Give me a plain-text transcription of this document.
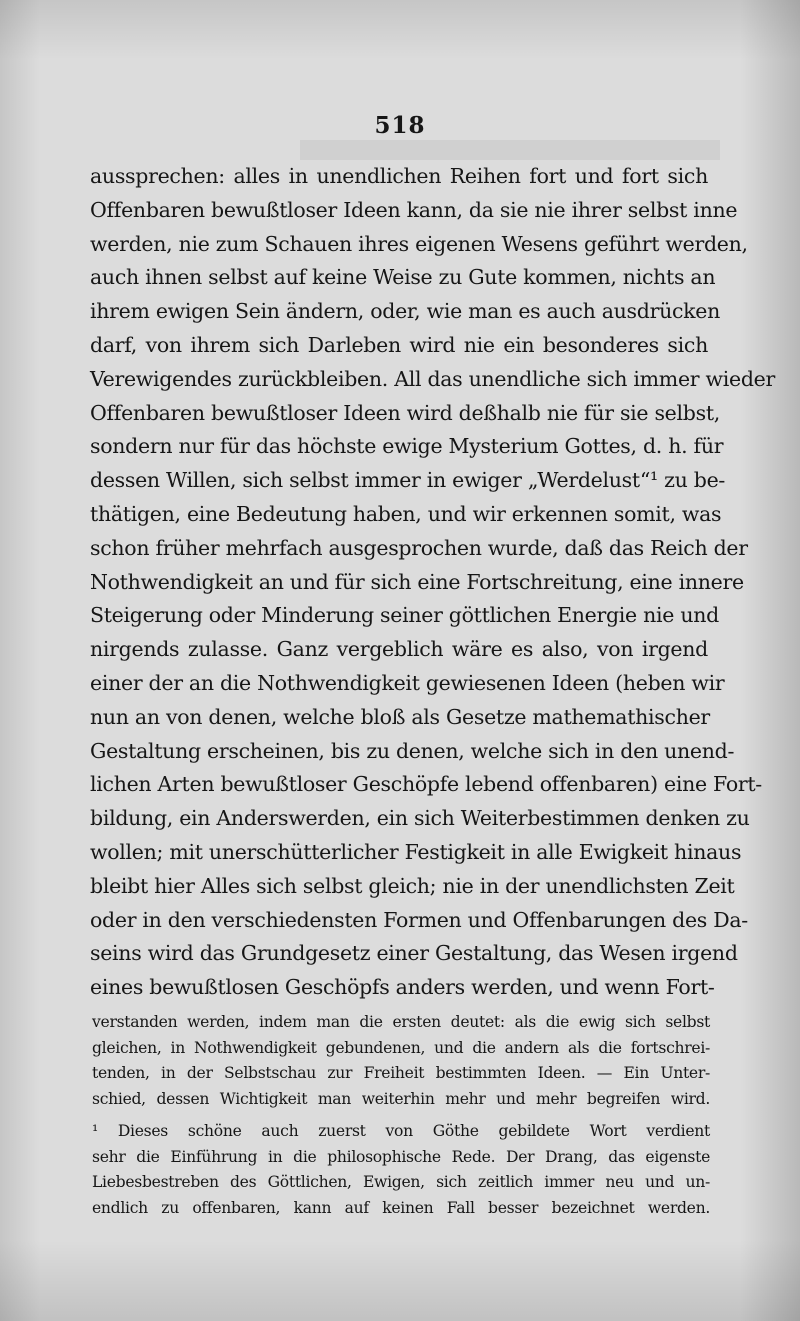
518
aussprechen: alles in unendlichen Reihen fort und fort sich
Offenbaren bewußtloser Ideen kann, da sie nie ihrer selbst inne
werden, nie zum Schauen ihres eigenen Wesens geführt werden,
auch ihnen selbst auf keine Weise zu Gute kommen, nichts an
ihrem ewigen Sein ändern, oder, wie man es auch ausdrücken
darf, von ihrem sich Darleben wird nie ein besonderes sich
Verewigendes zurückbleiben. All das unendliche sich immer wieder
Offenbaren bewußtloser Ideen wird deßhalb nie für sie selbst,
sondern nur für das höchste ewige Mysterium Gottes, d. h. für
dessen Willen, sich selbst immer in ewiger „Werdelust“¹ zu be-
thätigen, eine Bedeutung haben, und wir erkennen somit, was
schon früher mehrfach ausgesprochen wurde, daß das Reich der
Nothwendigkeit an und für sich eine Fortschreitung, eine innere
Steigerung oder Minderung seiner göttlichen Energie nie und
nirgends zulasse. Ganz vergeblich wäre es also, von irgend
einer der an die Nothwendigkeit gewiesenen Ideen (heben wir
nun an von denen, welche bloß als Gesetze mathemathischer
Gestaltung erscheinen, bis zu denen, welche sich in den unend-
lichen Arten bewußtloser Geschöpfe lebend offenbaren) eine Fort-
bildung, ein Anderswerden, ein sich Weiterbestimmen denken zu
wollen; mit unerschütterlicher Festigkeit in alle Ewigkeit hinaus
bleibt hier Alles sich selbst gleich; nie in der unendlichsten Zeit
oder in den verschiedensten Formen und Offenbarungen des Da-
seins wird das Grundgesetz einer Gestaltung, das Wesen irgend
eines bewußtlosen Geschöpfs anders werden, und wenn Fort-
verstanden werden, indem man die ersten deutet: als die ewig sich selbst
gleichen, in Nothwendigkeit gebundenen, und die andern als die fortschrei-
tenden, in der Selbstschau zur Freiheit bestimmten Ideen. — Ein Unter-
schied, dessen Wichtigkeit man weiterhin mehr und mehr begreifen wird.
¹ Dieses schöne auch zuerst von Göthe gebildete Wort verdient
sehr die Einführung in die philosophische Rede. Der Drang, das eigenste
Liebesbestreben des Göttlichen, Ewigen, sich zeitlich immer neu und un-
endlich zu offenbaren, kann auf keinen Fall besser bezeichnet werden.
